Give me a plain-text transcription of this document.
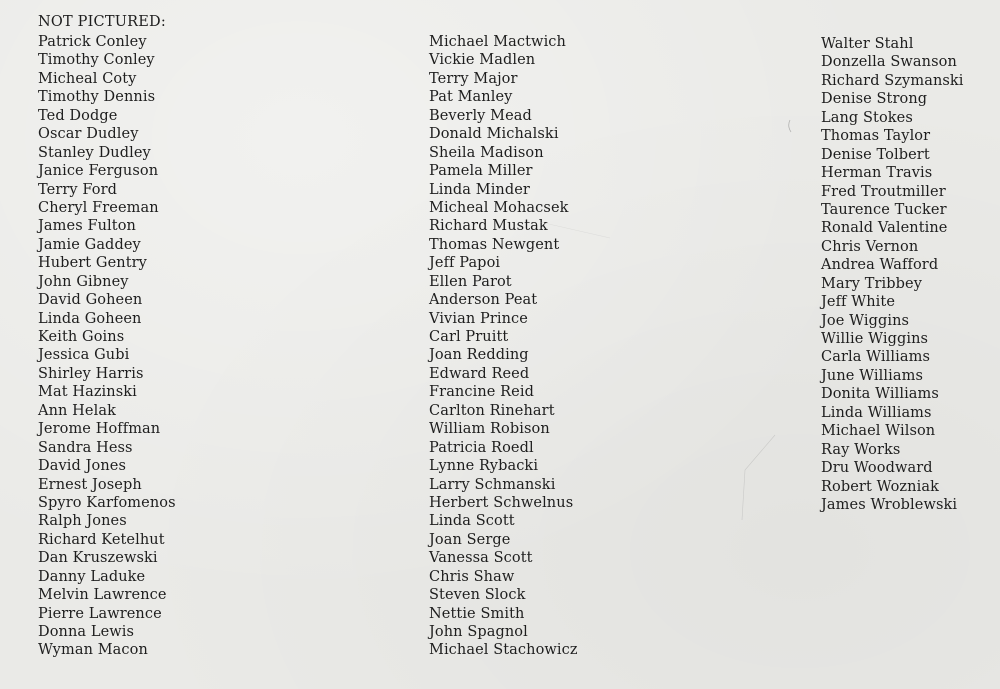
NOT PICTURED:
Patrick Conley
Timothy Conley
Micheal Coty
Timothy Dennis
Ted Dodge
Oscar Dudley
Stanley Dudley
Janice Ferguson
Terry Ford
Cheryl Freeman
James Fulton
Jamie Gaddey
Hubert Gentry
John Gibney
David Goheen
Linda Goheen
Keith Goins
Jessica Gubi
Shirley Harris
Mat Hazinski
Ann Helak
Jerome Hoffman
Sandra Hess
David Jones
Ernest Joseph
Spyro Karfomenos
Ralph Jones
Richard Ketelhut
Dan Kruszewski
Danny Laduke
Melvin Lawrence
Pierre Lawrence
Donna Lewis
Wyman Macon
Michael Mactwich
Vickie Madlen
Terry Major
Pat Manley
Beverly Mead
Donald Michalski
Sheila Madison
Pamela Miller
Linda Minder
Micheal Mohacsek
Richard Mustak
Thomas Newgent
Jeff Papoi
Ellen Parot
Anderson Peat
Vivian Prince
Carl Pruitt
Joan Redding
Edward Reed
Francine Reid
Carlton Rinehart
William Robison
Patricia Roedl
Lynne Rybacki
Larry Schmanski
Herbert Schwelnus
Linda Scott
Joan Serge
Vanessa Scott
Chris Shaw
Steven Slock
Nettie Smith
John Spagnol
Michael Stachowicz
Walter Stahl
Donzella Swanson
Richard Szymanski
Denise Strong
Lang Stokes
Thomas Taylor
Denise Tolbert
Herman Travis
Fred Troutmiller
Taurence Tucker
Ronald Valentine
Chris Vernon
Andrea Wafford
Mary Tribbey
Jeff White
Joe Wiggins
Willie Wiggins
Carla Williams
June Williams
Donita Williams
Linda Williams
Michael Wilson
Ray Works
Dru Woodward
Robert Wozniak
James Wroblewski
